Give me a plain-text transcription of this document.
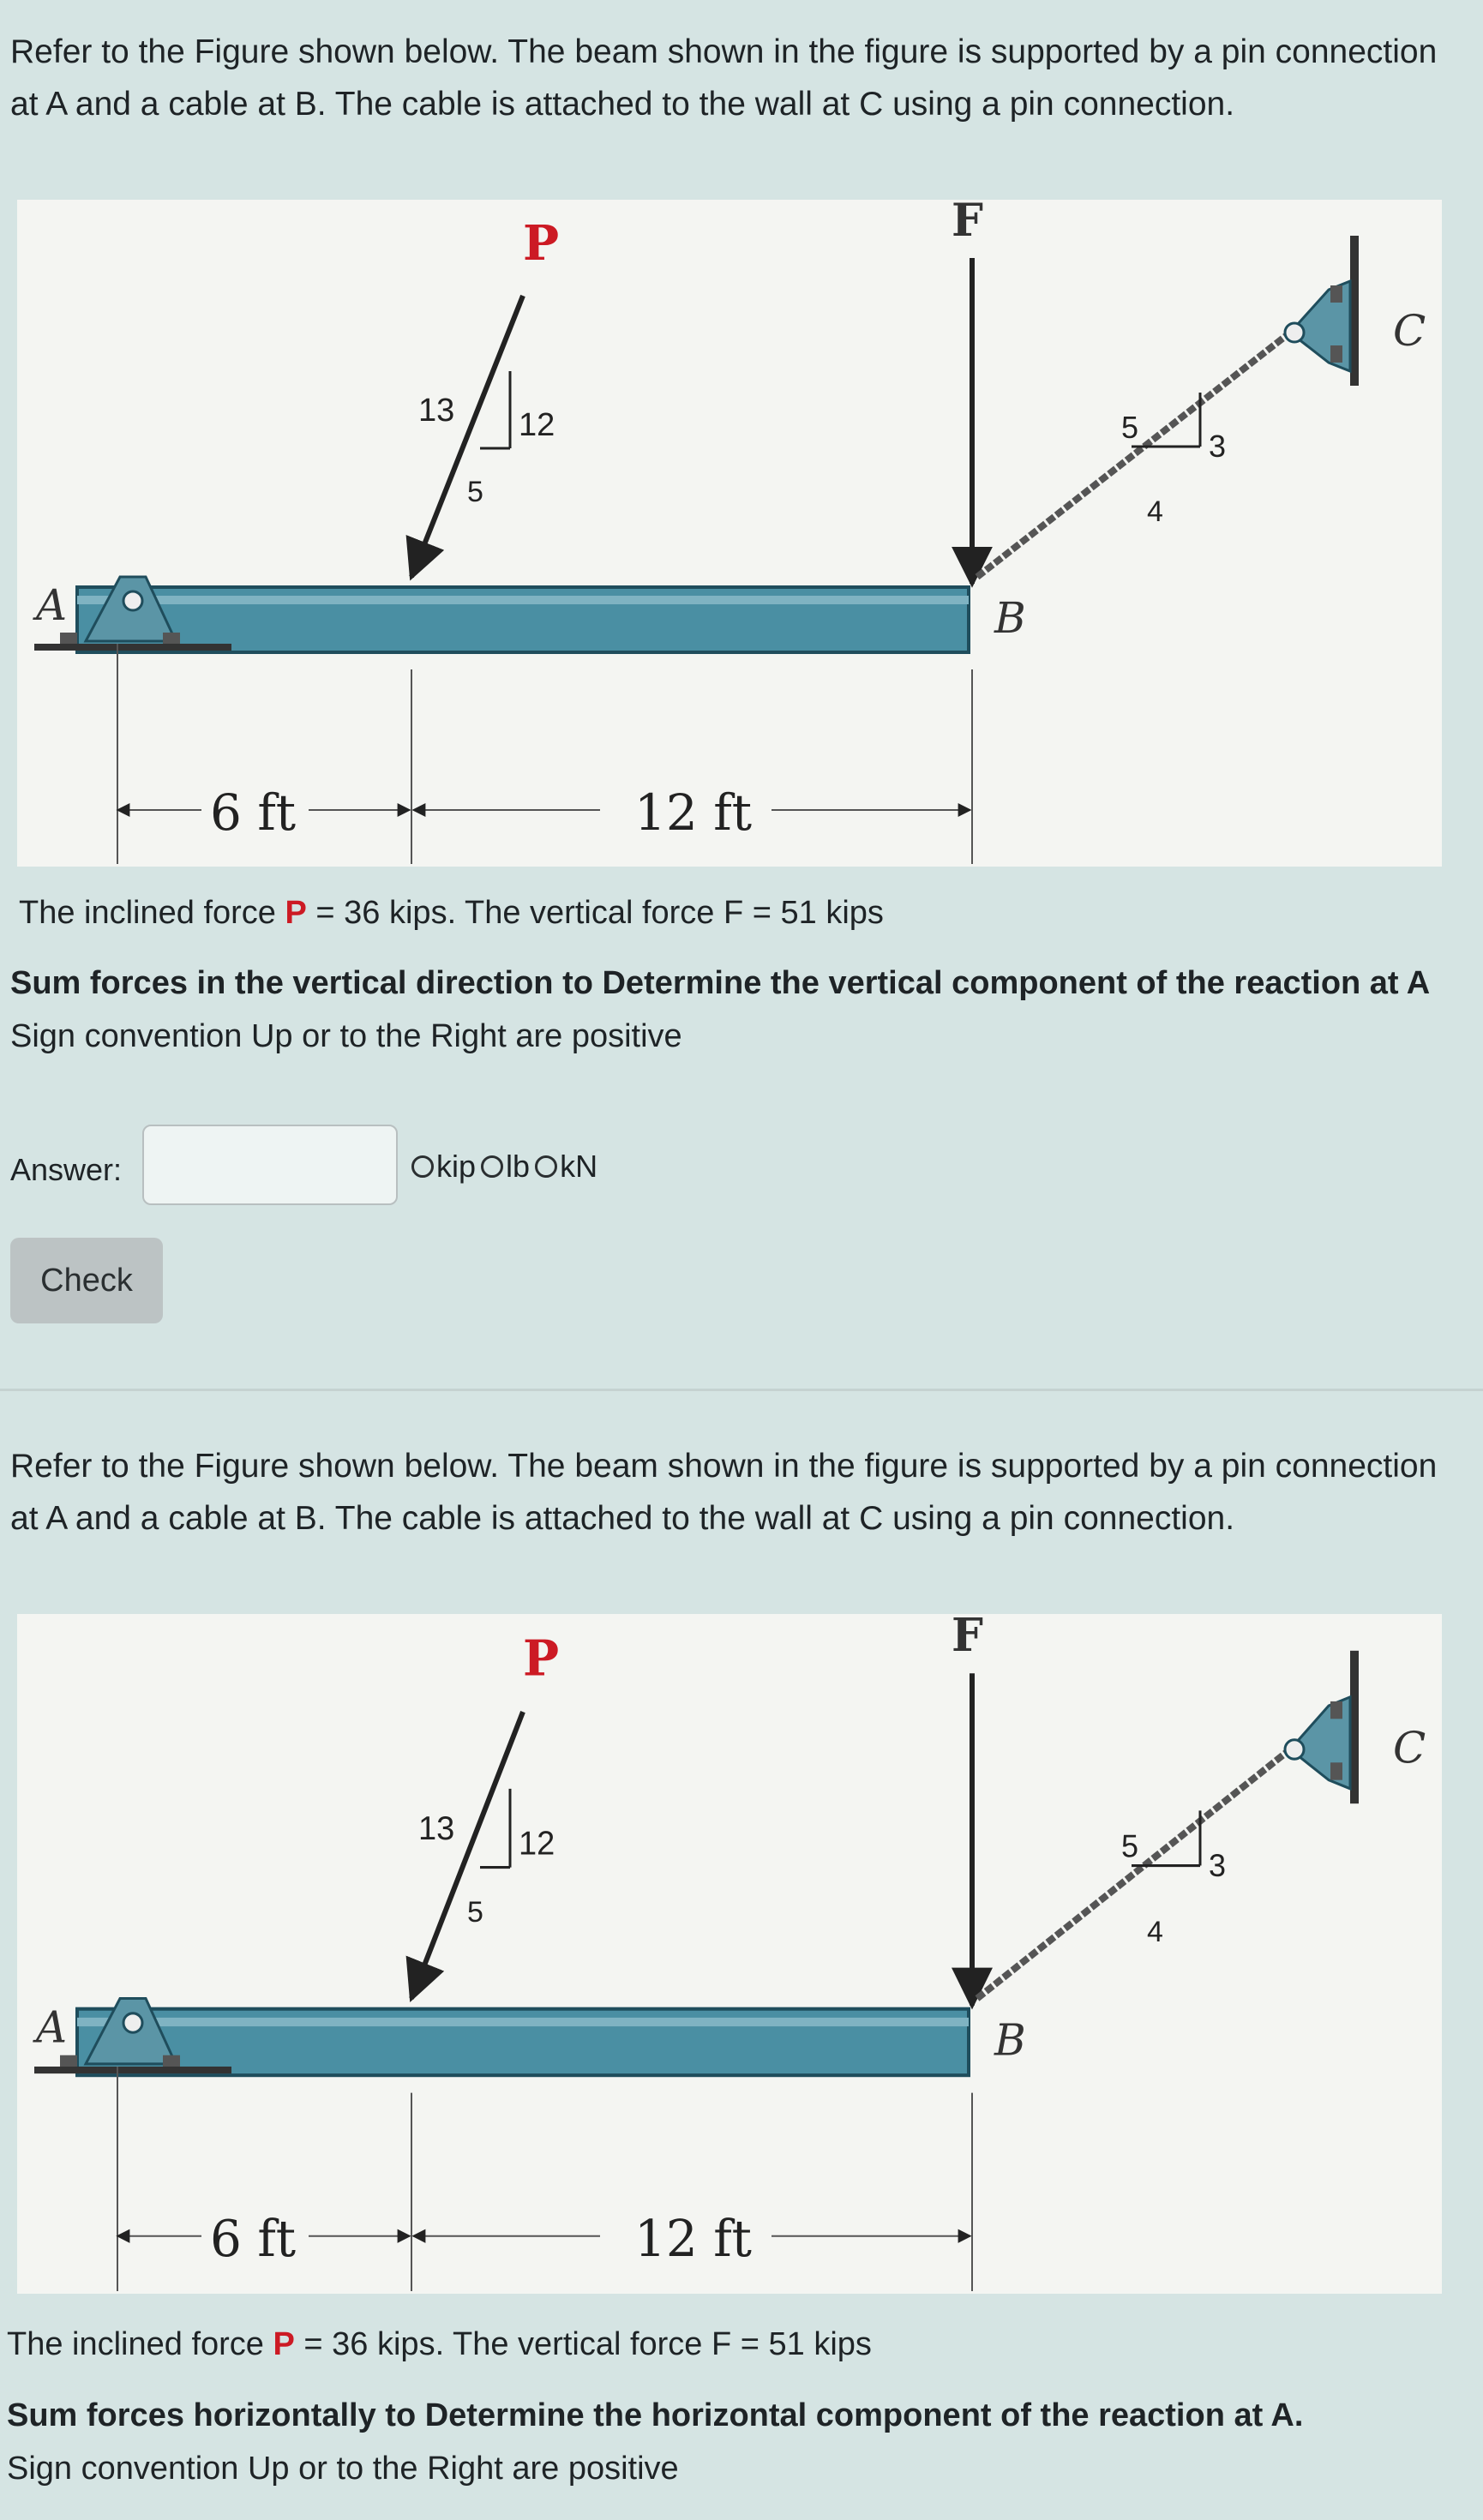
Refer to the Figure shown below. The beam shown in the figure is supported by a pin connection at A and a cable at B. The cable is attached to the wall at C using a pin connection.

P	F
A	B
C
13 12
5
5
3
4
6 ft	12 ft

The inclined force P = 36 kips. The vertical force F = 51 kips

Sum forces in the vertical direction to Determine the vertical component of the reaction at A Sign convention Up or to the Right are positive

Answer:	kip lb kN
Check

Refer to the Figure shown below. The beam shown in the figure is supported by a pin connection at A and a cable at B. The cable is attached to the wall at C using a pin connection.

P	F
A	B
C
13 12
5
5
3
4
6 ft	12 ft

The inclined force P = 36 kips. The vertical force F = 51 kips

Sum forces horizontally to Determine the horizontal component of the reaction at A.
Sign convention Up or to the Right are positive
